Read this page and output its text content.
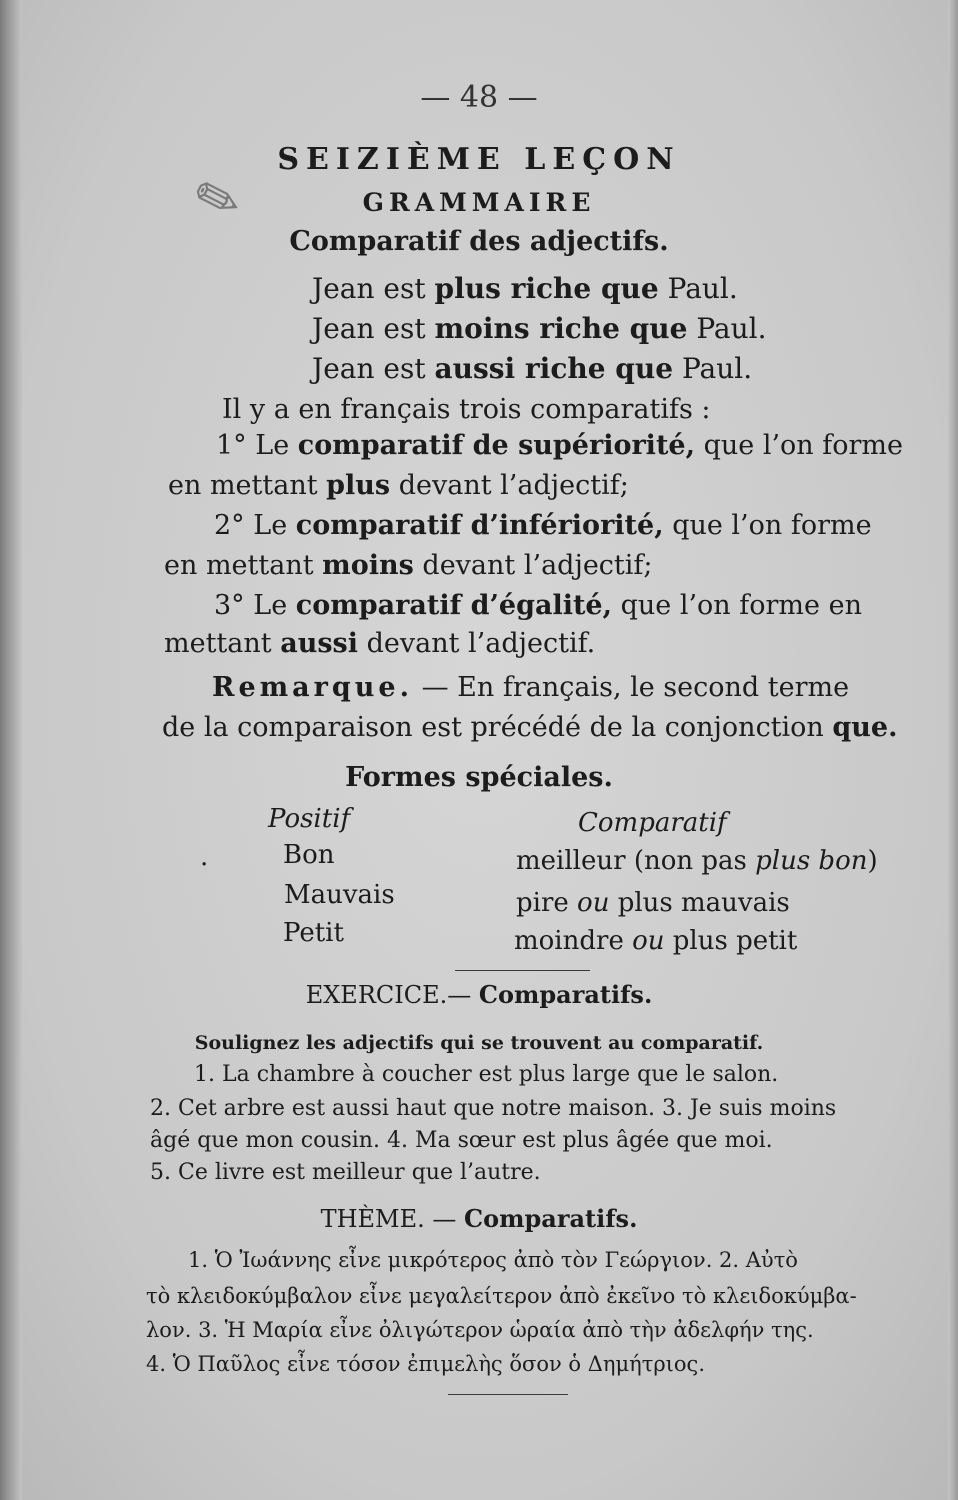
✎
— 48 —
SEIZIÈME LEÇON
GRAMMAIRE
Comparatif des adjectifs.
Jean est plus riche que Paul.
Jean est moins riche que Paul.
Jean est aussi riche que Paul.
Il y a en français trois comparatifs :
1° Le comparatif de supériorité, que l’on forme
en mettant plus devant l’adjectif;
2° Le comparatif d’infériorité, que l’on forme
en mettant moins devant l’adjectif;
3° Le comparatif d’égalité, que l’on forme en
mettant aussi devant l’adjectif.
Remarque. — En français, le second terme
de la comparaison est précédé de la conjonction que.
Formes spéciales.
Positif	Comparatif
.	Bon
Mauvais
Petit
meilleur (non pas plus bon)
pire ou plus mauvais
moindre ou plus petit
EXERCICE.— Comparatifs.
Soulignez les adjectifs qui se trouvent au comparatif.
1. La chambre à coucher est plus large que le salon.
2. Cet arbre est aussi haut que notre maison. 3. Je suis moins
âgé que mon cousin. 4. Ma sœur est plus âgée que moi.
5. Ce livre est meilleur que l’autre.
THÈME. — Comparatifs.
1. Ὁ Ἰωάννης εἶνε μικρότερος ἀπὸ τὸν Γεώργιον. 2. Αὐτὸ
τὸ κλειδοκύμβαλον εἶνε μεγαλείτερον ἀπὸ ἐκεῖνο τὸ κλειδοκύμβα-
λον. 3. Ἡ Μαρία εἶνε ὀλιγώτερον ὡραία ἀπὸ τὴν ἀδελφήν της.
4. Ὁ Παῦλος εἶνε τόσον ἐπιμελὴς ὅσον ὁ Δημήτριος.
